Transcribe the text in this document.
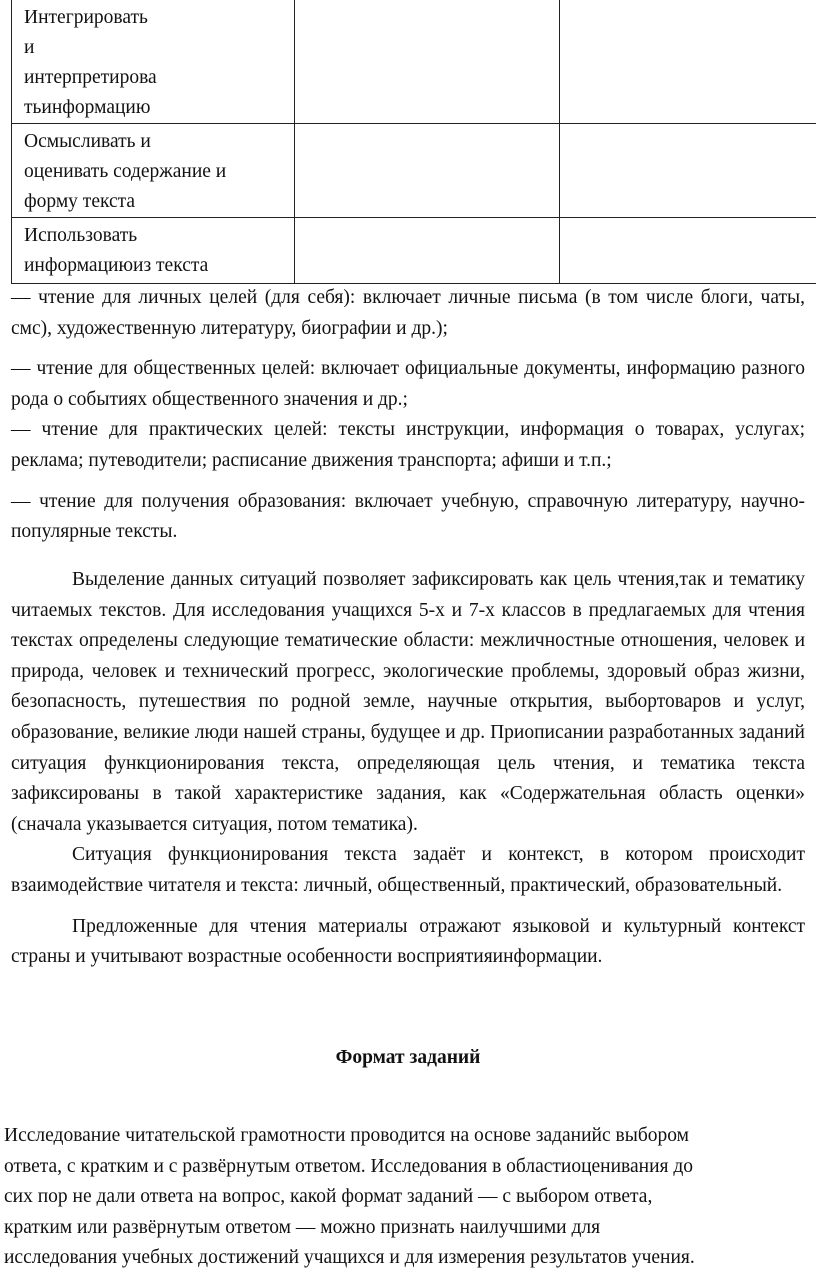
Интегрировать
и
интерпретирова
тьинформацию		

Осмысливать и
оценивать содержание и
форму текста		

Использовать
информациюиз текста		

— чтение для личных целей (для себя): включает личные письма (в том числе блоги, чаты, смс), художественную литературу, биографии и др.);

— чтение для общественных целей: включает официальные документы, информацию разного рода о событиях общественного значения и др.;

— чтение для практических целей: тексты инструкции, информация о товарах, услугах; реклама; путеводители; расписание движения транспорта; афиши и т.п.;

— чтение для получения образования: включает учебную, справочную литературу, научно-популярные тексты.

Выделение данных ситуаций позволяет зафиксировать как цель чтения,так и тематику читаемых текстов. Для исследования учащихся 5-х и 7-х классов в предлагаемых для чтения текстах определены следующие тематические области: межличностные отношения, человек и природа, человек и технический прогресс, экологические проблемы, здоровый образ жизни, безопасность, путешествия по родной земле, научные открытия, выбортоваров и услуг, образование, великие люди нашей страны, будущее и др. Приописании разработанных заданий ситуация функционирования текста, определяющая цель чтения, и тематика текста зафиксированы в такой характеристике задания, как «Содержательная область оценки» (сначала указывается ситуация, потом тематика).

Ситуация функционирования текста задаёт и контекст, в котором происходит взаимодействие читателя и текста: личный, общественный, практический, образовательный.

Предложенные для чтения материалы отражают языковой и культурный контекст страны и учитывают возрастные особенности восприятияинформации.

Формат заданий
Исследование читательской грамотности проводится на основе заданийс выбором
ответа, с кратким и с развёрнутым ответом. Исследования в областиоценивания до
сих пор не дали ответа на вопрос, какой формат заданий — с выбором ответа,
кратким или развёрнутым ответом — можно признать наилучшими для
исследования учебных достижений учащихся и для измерения результатов учения.
